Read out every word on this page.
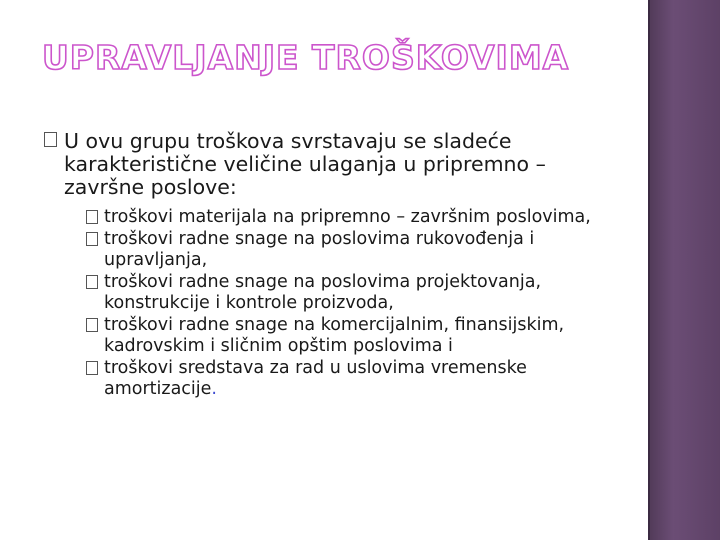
UPRAVLJANJE TROŠKOVIMA
U ovu grupu troškova svrstavaju se sladeće karakteristične veličine ulaganja u pripremno – završne poslove:
troškovi materijala na pripremno – završnim poslovima,
troškovi radne snage na poslovima rukovođenja i upravljanja,
troškovi radne snage na poslovima projektovanja, konstrukcije i kontrole proizvoda,
troškovi radne snage na komercijalnim, finansijskim, kadrovskim i sličnim opštim poslovima i
troškovi sredstava za rad u uslovima vremenske amortizacije.
